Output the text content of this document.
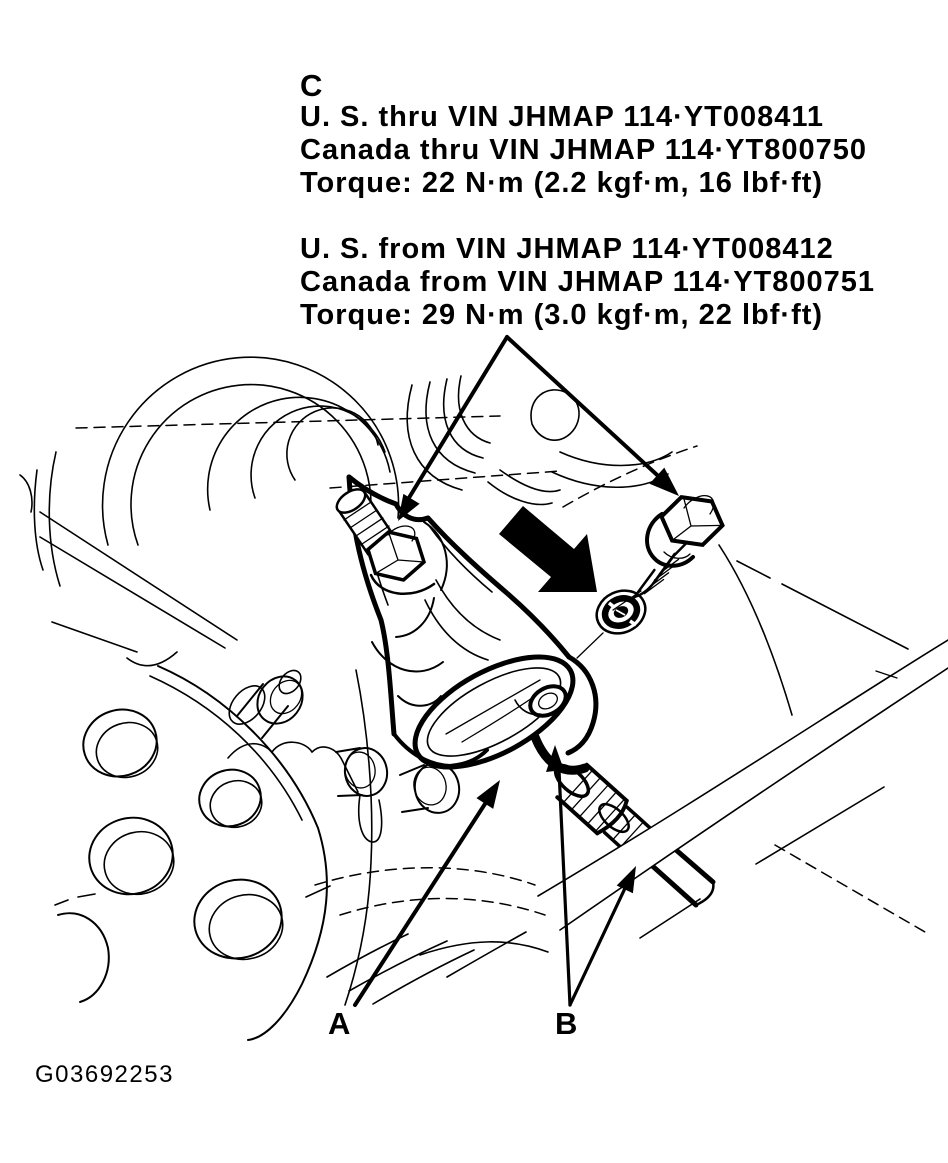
C
U. S. thru VIN JHMAP 114·YT008411
Canada thru VIN JHMAP 114·YT800750
Torque: 22 N·m (2.2 kgf·m, 16 lbf·ft)
U. S. from VIN JHMAP 114·YT008412
Canada from VIN JHMAP 114·YT800751
Torque: 29 N·m (3.0 kgf·m, 22 lbf·ft)
A	B
G03692253
